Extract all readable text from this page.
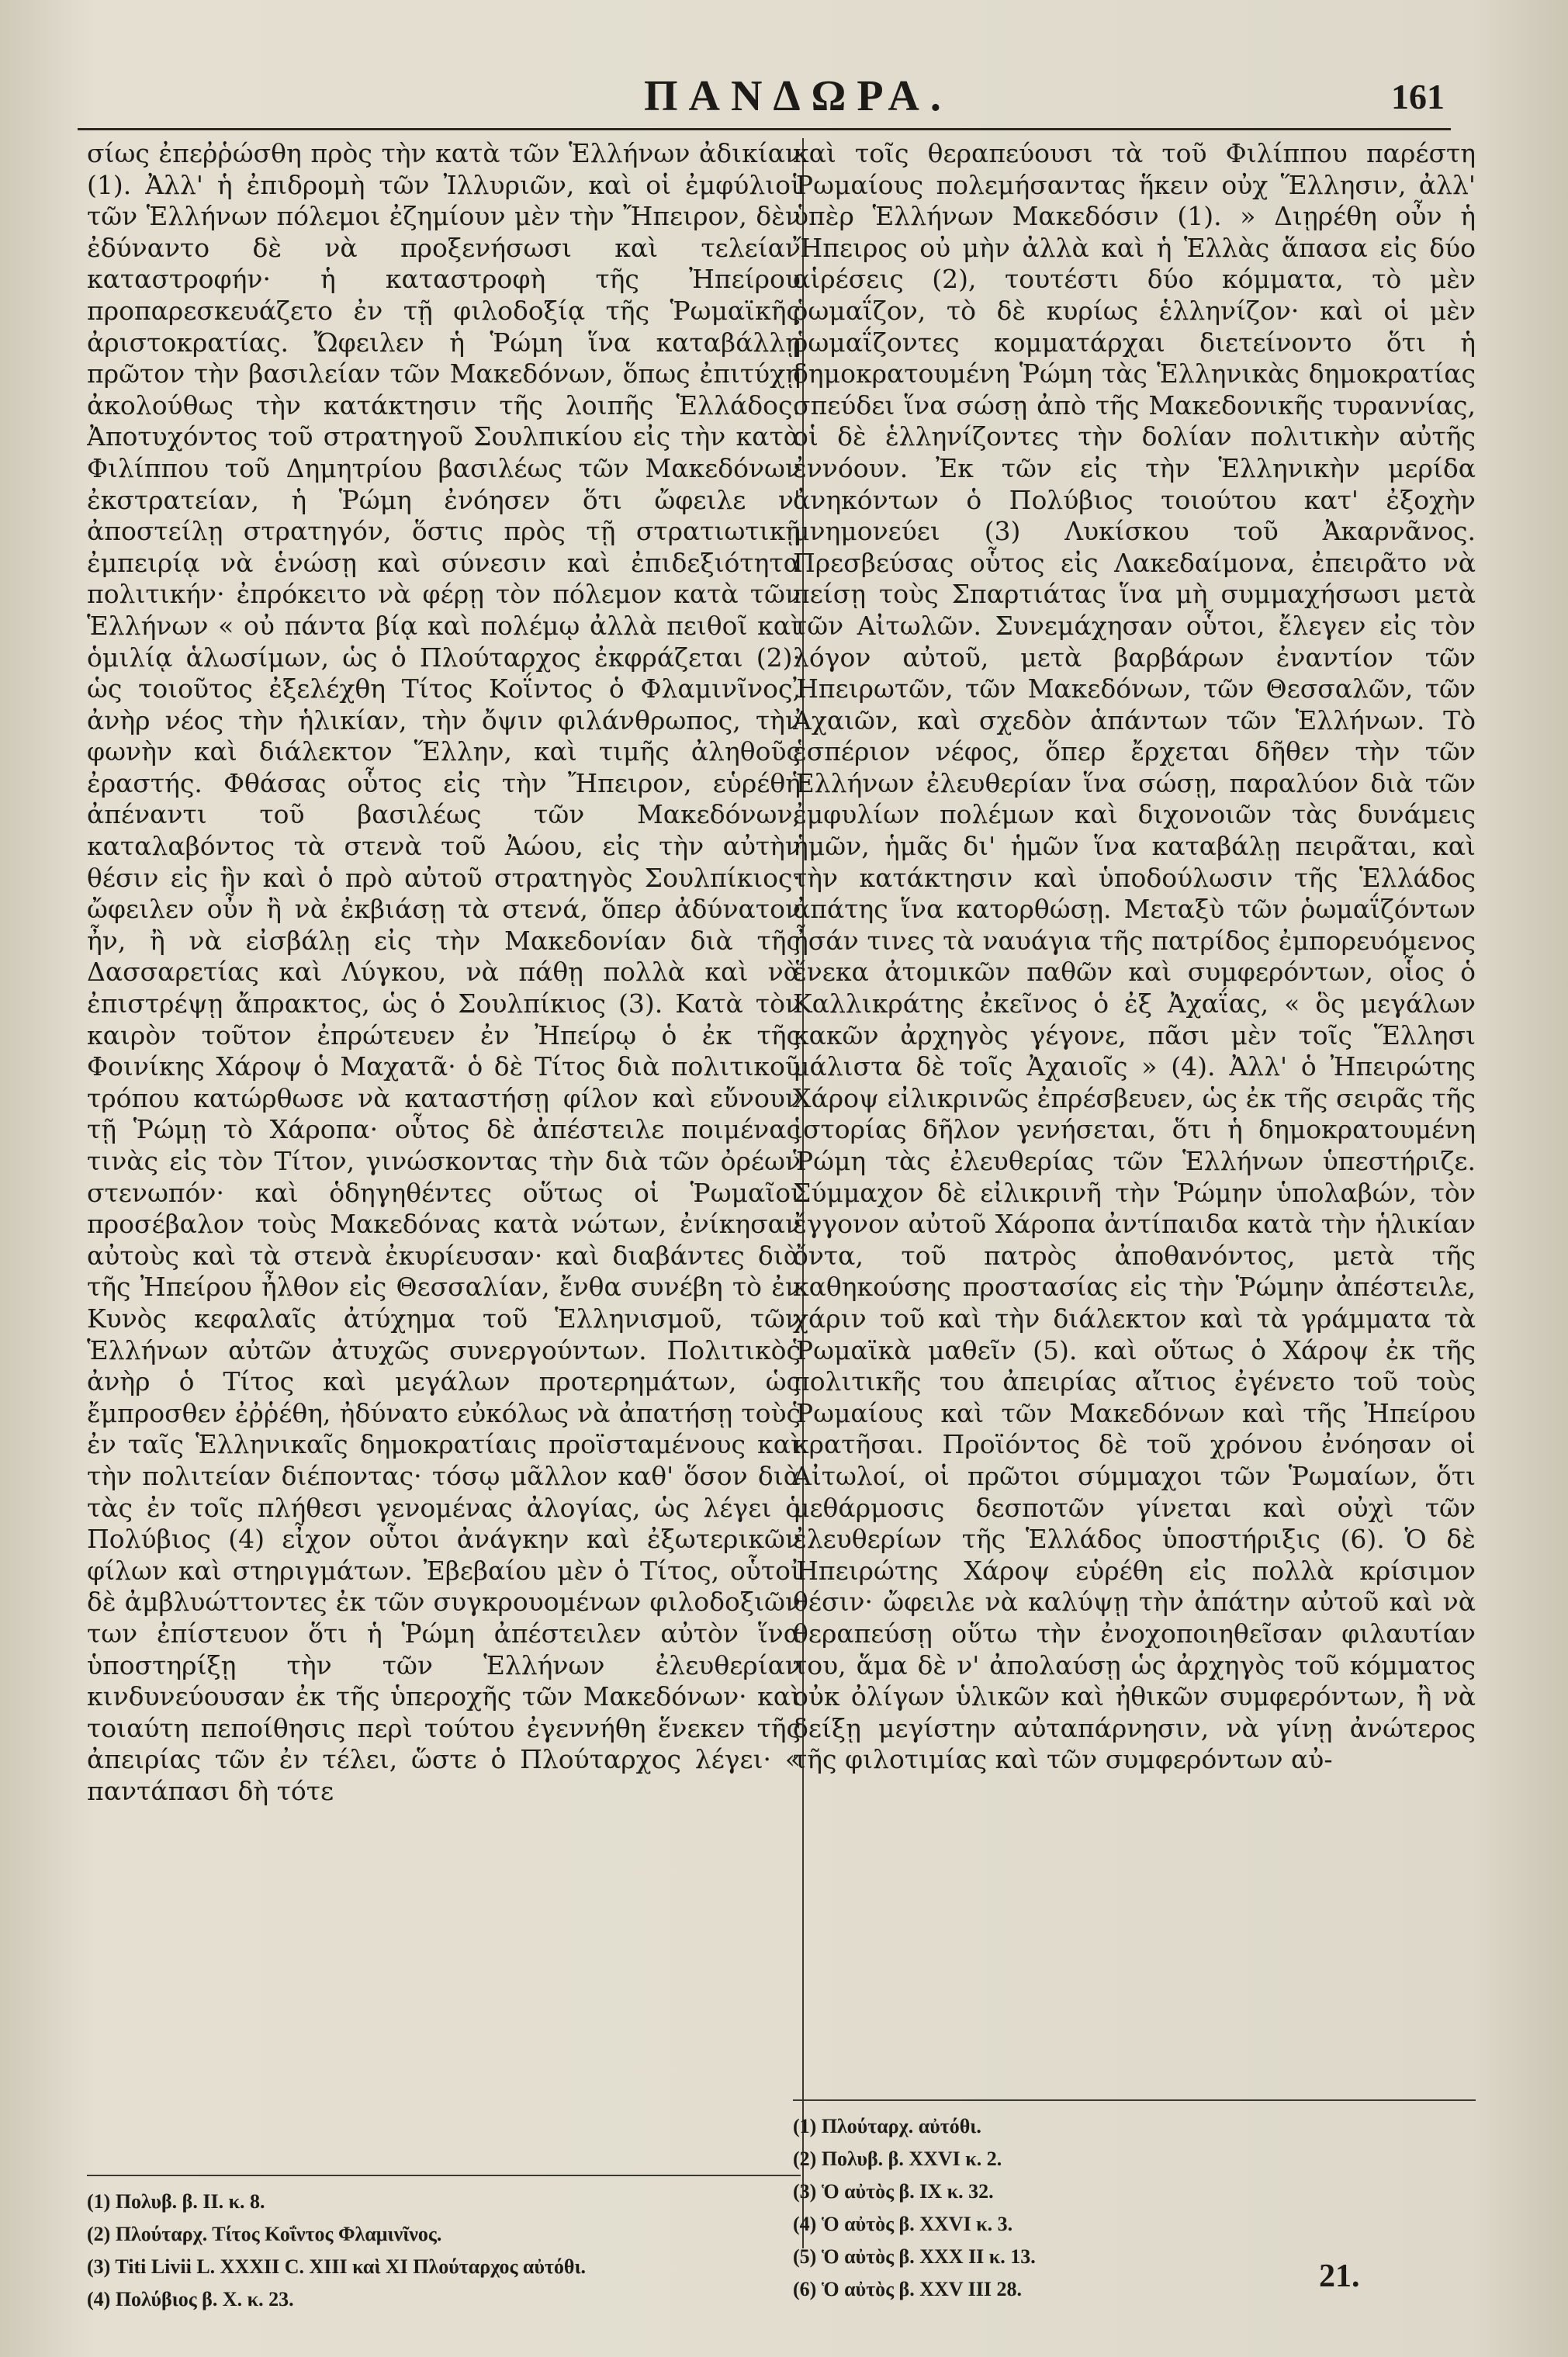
ΠΑΝΔΩΡΑ.	161

σίως ἐπεῤῥώσθη πρὸς τὴν κατὰ τῶν Ἑλλήνων ἀδικίαν (1). Ἀλλ' ἡ ἐπιδρομὴ τῶν Ἰλλυριῶν, καὶ οἱ ἐμφύλιοι τῶν Ἑλλήνων πόλεμοι ἐζημίουν μὲν τὴν Ἤπειρον, δὲν ἐδύναντο δὲ νὰ προξενήσωσι καὶ τελείαν καταστροφήν· ἡ καταστροφὴ τῆς Ἠπείρου προπαρεσκευάζετο ἐν τῇ φιλοδοξίᾳ τῆς Ῥωμαϊκῆς ἀριστοκρατίας. Ὤφειλεν ἡ Ῥώμη ἵνα καταβάλλῃ πρῶτον τὴν βασιλείαν τῶν Μακεδόνων, ὅπως ἐπιτύχῃ ἀκολούθως τὴν κατάκτησιν τῆς λοιπῆς Ἑλλάδος. Ἀποτυχόντος τοῦ στρατηγοῦ Σουλπικίου εἰς τὴν κατὰ Φιλίππου τοῦ Δημητρίου βασιλέως τῶν Μακεδόνων ἐκστρατείαν, ἡ Ῥώμη ἐνόησεν ὅτι ὤφειλε ν' ἀποστείλῃ στρατηγόν, ὅστις πρὸς τῇ στρατιωτικῇ ἐμπειρίᾳ νὰ ἑνώσῃ καὶ σύνεσιν καὶ ἐπιδεξιότητα πολιτικήν· ἐπρόκειτο νὰ φέρῃ τὸν πόλεμον κατὰ τῶν Ἑλλήνων « οὐ πάντα βίᾳ καὶ πολέμῳ ἀλλὰ πειθοῖ καὶ ὁμιλίᾳ ἁλωσίμων, ὡς ὁ Πλούταρχος ἐκφράζεται (2)· ὡς τοιοῦτος ἐξελέχθη Τίτος Κοΐντος ὁ Φλαμινῖνος, ἀνὴρ νέος τὴν ἡλικίαν, τὴν ὄψιν φιλάνθρωπος, τὴν φωνὴν καὶ διάλεκτον Ἕλλην, καὶ τιμῆς ἀληθοῦς ἐραστής. Φθάσας οὗτος εἰς τὴν Ἤπειρον, εὑρέθη ἀπέναντι τοῦ βασιλέως τῶν Μακεδόνων, καταλαβόντος τὰ στενὰ τοῦ Ἀώου, εἰς τὴν αὐτὴν θέσιν εἰς ἣν καὶ ὁ πρὸ αὐτοῦ στρατηγὸς Σουλπίκιος· ὤφειλεν οὖν ἢ νὰ ἐκβιάσῃ τὰ στενά, ὅπερ ἀδύνατον ἦν, ἢ νὰ εἰσβάλῃ εἰς τὴν Μακεδονίαν διὰ τῆς Δασσαρετίας καὶ Λύγκου, νὰ πάθῃ πολλὰ καὶ νὰ ἐπιστρέψῃ ἄπρακτος, ὡς ὁ Σουλπίκιος (3). Κατὰ τὸν καιρὸν τοῦτον ἐπρώτευεν ἐν Ἠπείρῳ ὁ ἐκ τῆς Φοινίκης Χάροψ ὁ Μαχατᾶ· ὁ δὲ Τίτος διὰ πολιτικοῦ τρόπου κατώρθωσε νὰ καταστήσῃ φίλον καὶ εὔνουν τῇ Ῥώμῃ τὸ Χάροπα· οὗτος δὲ ἀπέστειλε ποιμένας τινὰς εἰς τὸν Τίτον, γινώσκοντας τὴν διὰ τῶν ὀρέων στενωπόν· καὶ ὁδηγηθέντες οὕτως οἱ Ῥωμαῖοι προσέβαλον τοὺς Μακεδόνας κατὰ νώτων, ἐνίκησαν αὐτοὺς καὶ τὰ στενὰ ἐκυρίευσαν· καὶ διαβάντες διὰ τῆς Ἠπείρου ἦλθον εἰς Θεσσαλίαν, ἔνθα συνέβη τὸ ἐν Κυνὸς κεφαλαῖς ἀτύχημα τοῦ Ἑλληνισμοῦ, τῶν Ἑλλήνων αὐτῶν ἀτυχῶς συνεργούντων. Πολιτικὸς ἀνὴρ ὁ Τίτος καὶ μεγάλων προτερημάτων, ὡς ἔμπροσθεν ἐῤῥέθη, ἠδύνατο εὐκόλως νὰ ἀπατήσῃ τοὺς ἐν ταῖς Ἑλληνικαῖς δημοκρατίαις προϊσταμένους καὶ τὴν πολιτείαν διέποντας· τόσῳ μᾶλλον καθ' ὅσον διὰ τὰς ἐν τοῖς πλήθεσι γενομένας ἀλογίας, ὡς λέγει ὁ Πολύβιος (4) εἶχον οὗτοι ἀνάγκην καὶ ἐξωτερικῶν φίλων καὶ στηριγμάτων. Ἐβεβαίου μὲν ὁ Τίτος, οὗτοι δὲ ἀμβλυώττοντες ἐκ τῶν συγκρουομένων φιλοδοξιῶν των ἐπίστευον ὅτι ἡ Ῥώμη ἀπέστειλεν αὐτὸν ἵνα ὑποστηρίξῃ τὴν τῶν Ἑλλήνων ἐλευθερίαν κινδυνεύουσαν ἐκ τῆς ὑπεροχῆς τῶν Μακεδόνων· καὶ τοιαύτη πεποίθησις περὶ τούτου ἐγεννήθη ἕνεκεν τῆς ἀπειρίας τῶν ἐν τέλει, ὥστε ὁ Πλούταρχος λέγει· « παντάπασι δὴ τότε

(1) Πολυβ. β. II. κ. 8.
(2) Πλούταρχ. Τίτος Κοΐντος Φλαμινῖνος.
(3) Titi Livii L. XXXII C. XIII καὶ XI Πλούταρχος αὐτόθι.
(4) Πολύβιος β. X. κ. 23.

καὶ τοῖς θεραπεύουσι τὰ τοῦ Φιλίππου παρέστη Ῥωμαίους πολεμήσαντας ἥκειν οὐχ Ἕλλησιν, ἀλλ' ὑπὲρ Ἑλλήνων Μακεδόσιν (1). » Διῃρέθη οὖν ἡ Ἤπειρος οὐ μὴν ἀλλὰ καὶ ἡ Ἑλλὰς ἅπασα εἰς δύο αἱρέσεις (2), τουτέστι δύο κόμματα, τὸ μὲν ῥωμαΐζον, τὸ δὲ κυρίως ἑλληνίζον· καὶ οἱ μὲν ῥωμαΐζοντες κομματάρχαι διετείνοντο ὅτι ἡ δημοκρατουμένη Ῥώμη τὰς Ἑλληνικὰς δημοκρατίας σπεύδει ἵνα σώσῃ ἀπὸ τῆς Μακεδονικῆς τυραννίας, οἱ δὲ ἑλληνίζοντες τὴν δολίαν πολιτικὴν αὐτῆς ἐννόουν. Ἐκ τῶν εἰς τὴν Ἑλληνικὴν μερίδα ἀνηκόντων ὁ Πολύβιος τοιούτου κατ' ἐξοχὴν μνημονεύει (3) Λυκίσκου τοῦ Ἀκαρνᾶνος. Πρεσβεύσας οὗτος εἰς Λακεδαίμονα, ἐπειρᾶτο νὰ πείσῃ τοὺς Σπαρτιάτας ἵνα μὴ συμμαχήσωσι μετὰ τῶν Αἰτωλῶν. Συνεμάχησαν οὗτοι, ἔλεγεν εἰς τὸν λόγον αὐτοῦ, μετὰ βαρβάρων ἐναντίον τῶν Ἠπειρωτῶν, τῶν Μακεδόνων, τῶν Θεσσαλῶν, τῶν Ἀχαιῶν, καὶ σχεδὸν ἁπάντων τῶν Ἑλλήνων. Τὸ ἑσπέριον νέφος, ὅπερ ἔρχεται δῆθεν τὴν τῶν Ἑλλήνων ἐλευθερίαν ἵνα σώσῃ, παραλύον διὰ τῶν ἐμφυλίων πολέμων καὶ διχονοιῶν τὰς δυνάμεις ἡμῶν, ἡμᾶς δι' ἡμῶν ἵνα καταβάλῃ πειρᾶται, καὶ τὴν κατάκτησιν καὶ ὑποδούλωσιν τῆς Ἑλλάδος ἀπάτης ἵνα κατορθώσῃ. Μεταξὺ τῶν ῥωμαΐζόντων ἦσάν τινες τὰ ναυάγια τῆς πατρίδος ἐμπορευόμενος ἕνεκα ἀτομικῶν παθῶν καὶ συμφερόντων, οἷος ὁ Καλλικράτης ἐκεῖνος ὁ ἐξ Ἀχαΐας, « ὃς μεγάλων κακῶν ἀρχηγὸς γέγονε, πᾶσι μὲν τοῖς Ἕλλησι μάλιστα δὲ τοῖς Ἀχαιοῖς » (4). Ἀλλ' ὁ Ἠπειρώτης Χάροψ εἰλικρινῶς ἐπρέσβευεν, ὡς ἐκ τῆς σειρᾶς τῆς ἱστορίας δῆλον γενήσεται, ὅτι ἡ δημοκρατουμένη Ῥώμη τὰς ἐλευθερίας τῶν Ἑλλήνων ὑπεστήριζε. Σύμμαχον δὲ εἰλικρινῆ τὴν Ῥώμην ὑπολαβών, τὸν ἔγγονον αὐτοῦ Χάροπα ἀντίπαιδα κατὰ τὴν ἡλικίαν ὄντα, τοῦ πατρὸς ἀποθανόντος, μετὰ τῆς καθηκούσης προστασίας εἰς τὴν Ῥώμην ἀπέστειλε, χάριν τοῦ καὶ τὴν διάλεκτον καὶ τὰ γράμματα τὰ Ῥωμαϊκὰ μαθεῖν (5). καὶ οὕτως ὁ Χάροψ ἐκ τῆς πολιτικῆς του ἀπειρίας αἴτιος ἐγένετο τοῦ τοὺς Ῥωμαίους καὶ τῶν Μακεδόνων καὶ τῆς Ἠπείρου κρατῆσαι. Προϊόντος δὲ τοῦ χρόνου ἐνόησαν οἱ Αἰτωλοί, οἱ πρῶτοι σύμμαχοι τῶν Ῥωμαίων, ὅτι μεθάρμοσις δεσποτῶν γίνεται καὶ οὐχὶ τῶν ἐλευθερίων τῆς Ἑλλάδος ὑποστήριξις (6). Ὁ δὲ Ἠπειρώτης Χάροψ εὑρέθη εἰς πολλὰ κρίσιμον θέσιν· ὤφειλε νὰ καλύψῃ τὴν ἀπάτην αὐτοῦ καὶ νὰ θεραπεύσῃ οὕτω τὴν ἐνοχοποιηθεῖσαν φιλαυτίαν του, ἅμα δὲ ν' ἀπολαύσῃ ὡς ἀρχηγὸς τοῦ κόμματος οὐκ ὀλίγων ὑλικῶν καὶ ἠθικῶν συμφερόντων, ἢ νὰ δείξῃ μεγίστην αὐταπάρνησιν, νὰ γίνῃ ἀνώτερος τῆς φιλοτιμίας καὶ τῶν συμφερόντων αὐ-

(1) Πλούταρχ. αὐτόθι.
(2) Πολυβ. β. XXVI κ. 2.
(3) Ὁ αὐτὸς β. IX κ. 32.
(4) Ὁ αὐτὸς β. XXVI κ. 3.
(5) Ὁ αὐτὸς β. XXX II κ. 13.
(6) Ὁ αὐτὸς β. XXV III 28.	21.
